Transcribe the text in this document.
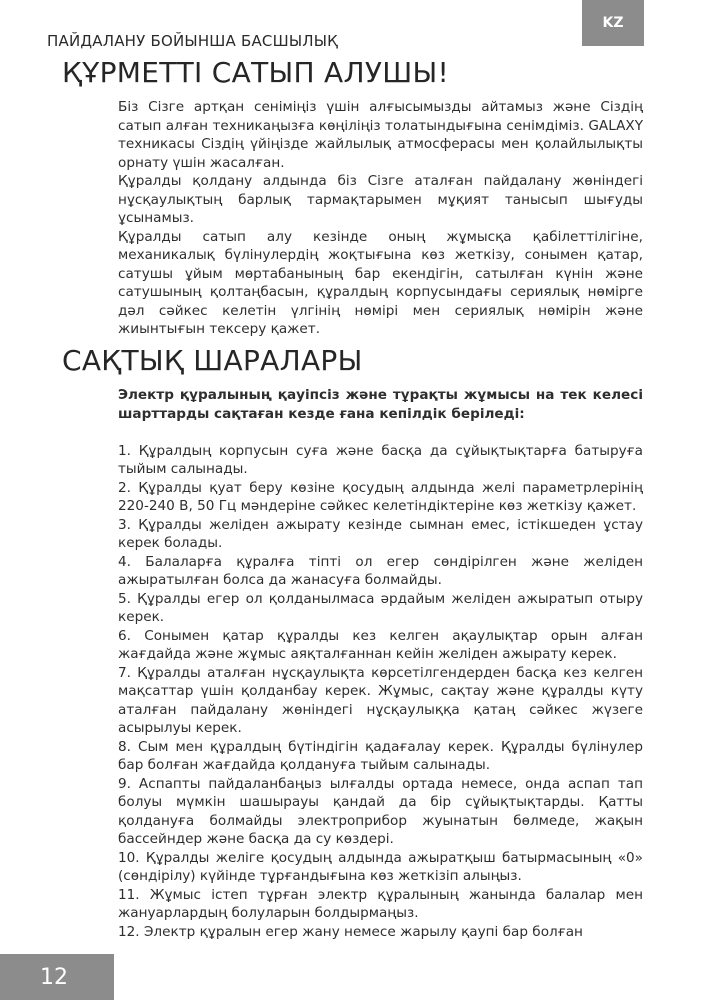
ПАЙДАЛАНУ БОЙЫНША БАСШЫЛЫҚ
KZ
ҚҰРМЕТТІ САТЫП АЛУШЫ!

Біз Сізге артқан сеніміңіз үшін алғысымызды айтамыз және Сіздің сатып алған техникаңызға көңіліңіз толатындығына сенімдіміз. GALAXY техникасы Сіздің үйіңізде жайлылық атмосферасы мен қолайлылықты орнату үшін жасалған.

Құралды қолдану алдында біз Сізге аталған пайдалану жөніндегі нұсқаулықтың барлық тармақтарымен мұқият танысып шығуды ұсынамыз.

Құралды сатып алу кезінде оның жұмысқа қабілеттілігіне, механикалық бүлінулердің жоқтығына көз жеткізу, сонымен қатар, сатушы ұйым мөртабанының бар екендігін, сатылған күнін және сатушының қолтаңбасын, құралдың корпусындағы сериялық нөмірге дәл сәйкес келетін үлгінің нөмірі мен сериялық нөмірін және жиынтығын тексеру қажет.

САҚТЫҚ ШАРАЛАРЫ

Электр құралының қауіпсіз және тұрақты жұмысы на тек келесі шарттарды сақтаған кезде ғана кепілдік беріледі:

1. Құралдың корпусын суға және басқа да сұйықтықтарға батыруға тыйым салынады.

2. Құралды қуат беру көзіне қосудың алдында желі параметрлерінің 220-240 В, 50 Гц мәндеріне сәйкес келетіндіктеріне көз жеткізу қажет.

3. Құралды желіден ажырату кезінде сымнан емес, істікшеден ұстау керек болады.

4. Балаларға құралға тіпті ол егер сөндірілген және желіден ажыратылған болса да жанасуға болмайды.

5. Құралды егер ол қолданылмаса әрдайым желіден ажыратып отыру керек.

6. Сонымен қатар құралды кез келген ақаулықтар орын алған жағдайда және жұмыс аяқталғаннан кейін желіден ажырату керек.

7. Құралды аталған нұсқаулықта көрсетілгендерден басқа кез келген мақсаттар үшін қолданбау керек. Жұмыс, сақтау және құралды күту аталған пайдалану жөніндегі нұсқаулыққа қатаң сәйкес жүзеге асырылуы керек.

8. Сым мен құралдың бүтіндігін қадағалау керек. Құралды бүлінулер бар болған жағдайда қолдануға тыйым салынады.

9. Аспапты пайдаланбаңыз ылғалды ортада немесе, онда аспап тап болуы мүмкін шашырауы қандай да бір сұйықтықтарды. Қатты қолдануға болмайды электроприбор жуынатын бөлмеде, жақын бассейндер және басқа да су көздері.

10. Құралды желіге қосудың алдында ажыратқыш батырмасының «0» (сөндірілу) күйінде тұрғандығына көз жеткізіп алыңыз.

11. Жұмыс істеп тұрған электр құралының жанында балалар мен жануарлардың болуларын болдырмаңыз.

12. Электр құралын егер жану немесе жарылу қаупі бар болған

12
